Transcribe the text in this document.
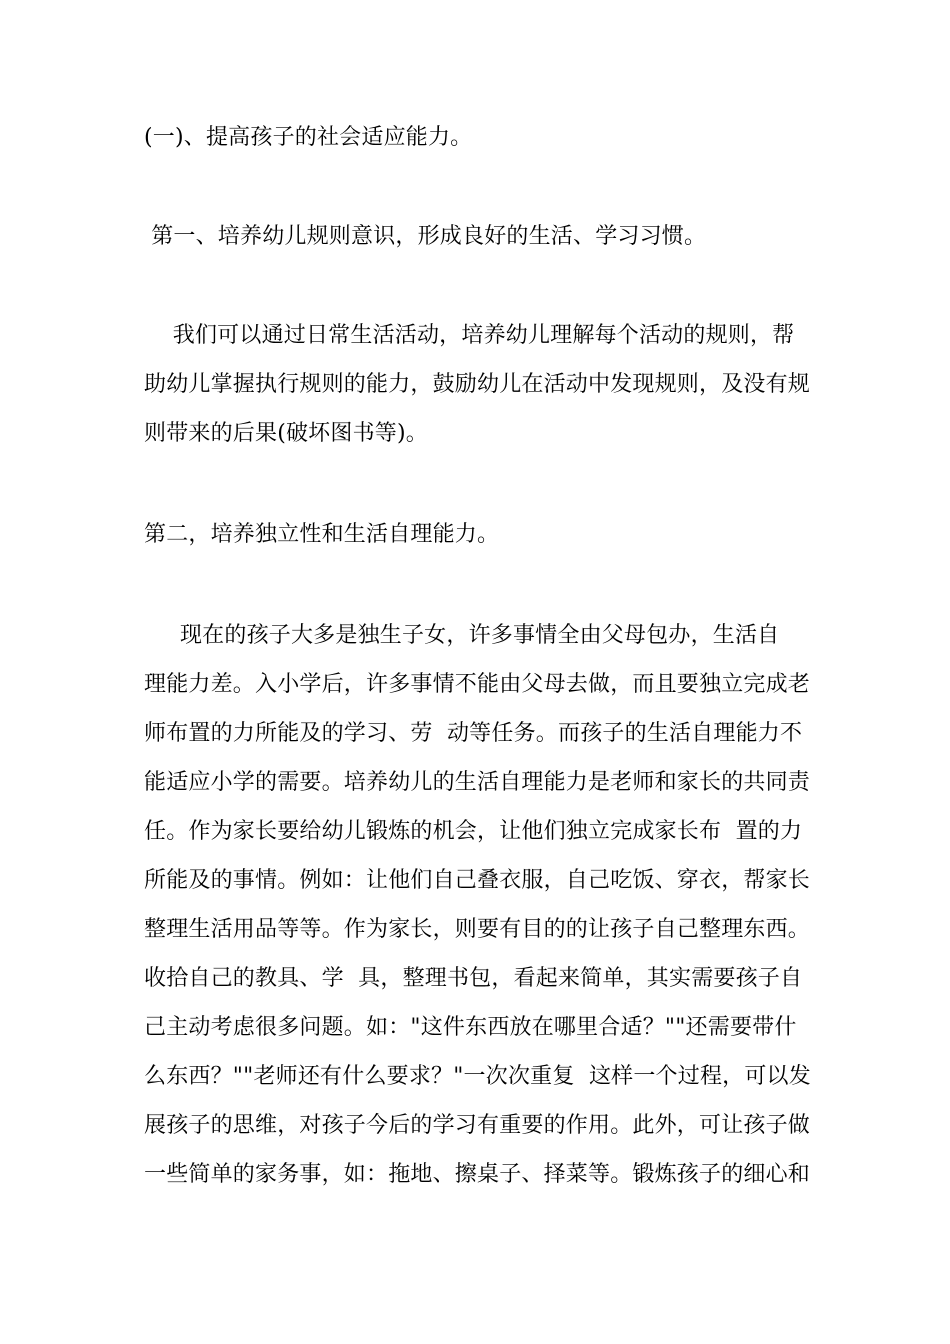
(一)、提高孩子的社会适应能力。
第一、培养幼儿规则意识，形成良好的生活、学习习惯。
我们可以通过日常生活活动，培养幼儿理解每个活动的规则，帮
助幼儿掌握执行规则的能力，鼓励幼儿在活动中发现规则，及没有规
则带来的后果(破坏图书等)。
第二，培养独立性和生活自理能力。
现在的孩子大多是独生子女，许多事情全由父母包办，生活自
理能力差。入小学后，许多事情不能由父母去做，而且要独立完成老
师布置的力所能及的学习、劳  动等任务。而孩子的生活自理能力不
能适应小学的需要。培养幼儿的生活自理能力是老师和家长的共同责
任。作为家长要给幼儿锻炼的机会，让他们独立完成家长布  置的力
所能及的事情。例如：让他们自己叠衣服，自己吃饭、穿衣，帮家长
整理生活用品等等。作为家长，则要有目的的让孩子自己整理东西。
收拾自己的教具、学  具，整理书包，看起来简单，其实需要孩子自
己主动考虑很多问题。如："这件东西放在哪里合适？""还需要带什
么东西？""老师还有什么要求？"一次次重复  这样一个过程，可以发
展孩子的思维，对孩子今后的学习有重要的作用。此外，可让孩子做
一些简单的家务事，如：拖地、擦桌子、择菜等。锻炼孩子的细心和
